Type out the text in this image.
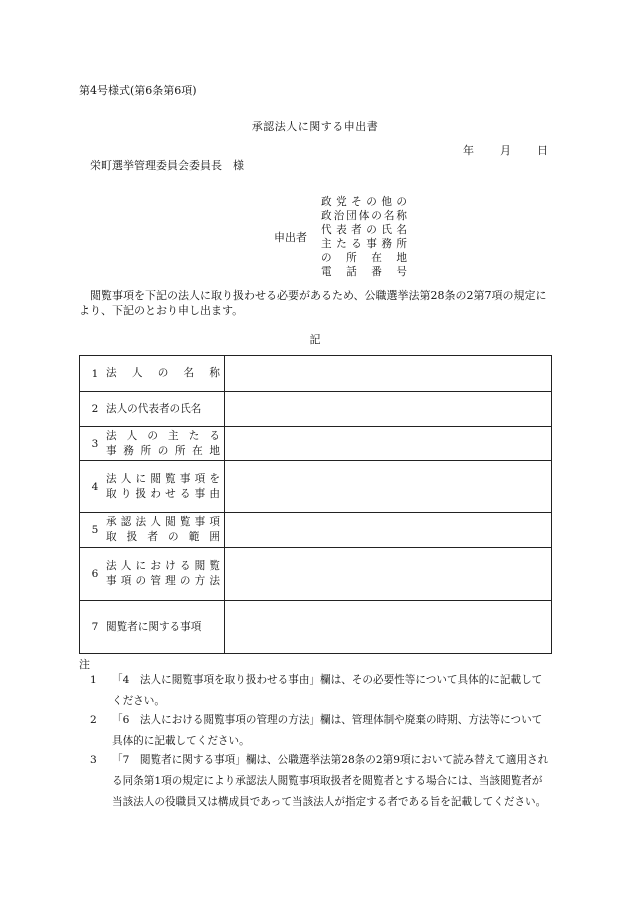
第4号様式(第6条第6項)
承認法人に関する申出書
年 月 日
栄町選挙管理委員会委員長　様
申出者
政党その他の
政治団体の名称
代表者の氏名
主たる事務所
の所在地
電話番号
閲覧事項を下記の法人に取り扱わせる必要があるため、公職選挙法第28条の2第7項の規定により、下記のとおり申し出ます。
記
1	法人の名称	

2	法人の代表者の氏名	

3	法人の主たる
事務所の所在地	

4	法人に閲覧事項を
取り扱わせる事由	

5	承認法人閲覧事項
取扱者の範囲	

6	法人における閲覧
事項の管理の方法	

7	閲覧者に関する事項	

注
1 「4　法人に閲覧事項を取り扱わせる事由」欄は、その必要性等について具体的に記載してください。
2 「6　法人における閲覧事項の管理の方法」欄は、管理体制や廃棄の時期、方法等について具体的に記載してください。
3 「7　閲覧者に関する事項」欄は、公職選挙法第28条の2第9項において読み替えて適用される同条第1項の規定により承認法人閲覧事項取扱者を閲覧者とする場合には、当該閲覧者が当該法人の役職員又は構成員であって当該法人が指定する者である旨を記載してください。
